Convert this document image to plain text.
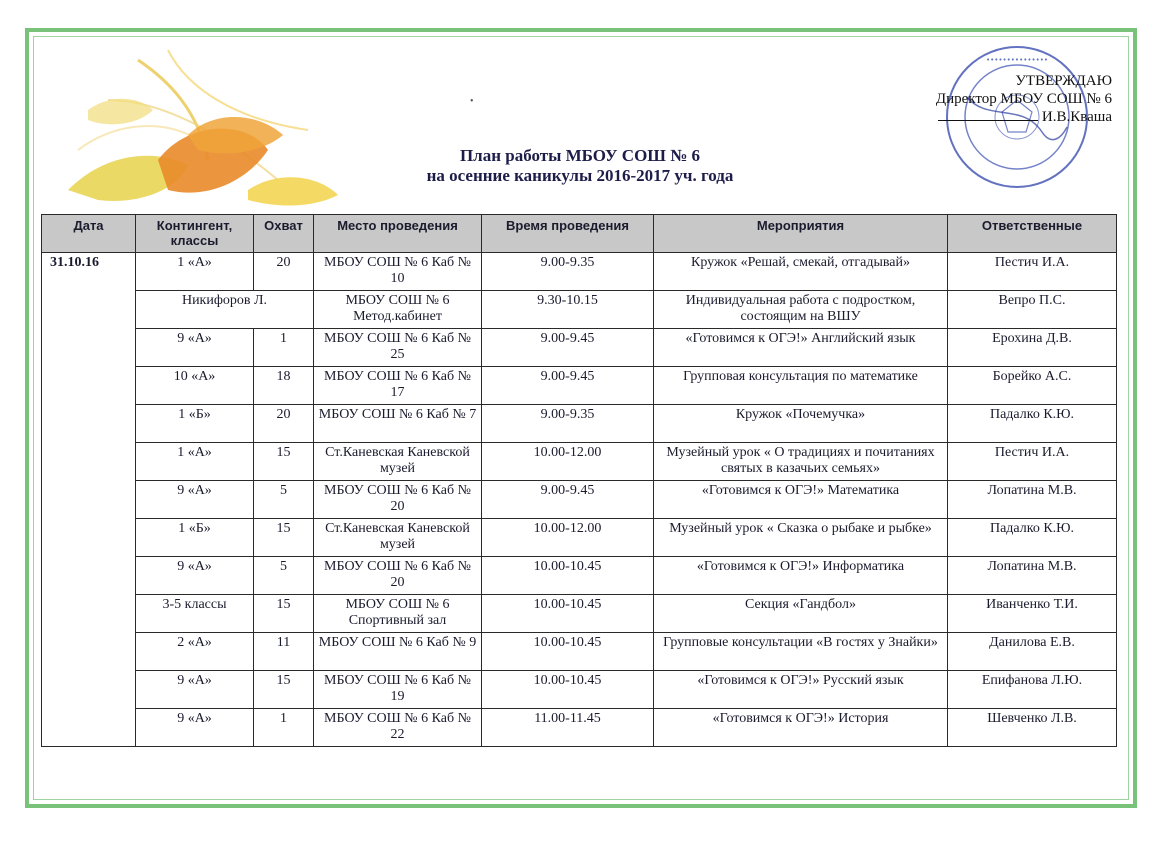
•
•••••••••••••••
УТВЕРЖДАЮ
Директор МБОУ СОШ № 6
И.В.Кваша
План работы МБОУ СОШ № 6
на осенние каникулы 2016-2017 уч. года
Дата	Контингент, классы	Охват	Место проведения	Время проведения	Мероприятия	Ответственные
31.10.16	1 «А»	20	МБОУ СОШ № 6 Каб № 10	9.00-9.35	Кружок «Решай, смекай, отгадывай»	Пестич И.А.
	Никифоров Л.		МБОУ СОШ № 6 Метод.кабинет	9.30-10.15	Индивидуальная работа с подростком, состоящим на ВШУ	Вепро П.С.
	9 «А»	1	МБОУ СОШ № 6 Каб № 25	9.00-9.45	«Готовимся к ОГЭ!» Английский язык	Ерохина Д.В.
	10 «А»	18	МБОУ СОШ № 6 Каб № 17	9.00-9.45	Групповая консультация по математике	Борейко А.С.
	1 «Б»	20	МБОУ СОШ № 6 Каб № 7	9.00-9.35	Кружок «Почемучка»	Падалко К.Ю.
	1 «А»	15	Ст.Каневская Каневской музей	10.00-12.00	Музейный урок « О традициях и почитаниях святых в казачьих семьях»	Пестич И.А.
	9 «А»	5	МБОУ СОШ № 6 Каб № 20	9.00-9.45	«Готовимся к ОГЭ!» Математика	Лопатина М.В.
	1 «Б»	15	Ст.Каневская Каневской музей	10.00-12.00	Музейный урок « Сказка о рыбаке и рыбке»	Падалко К.Ю.
	9 «А»	5	МБОУ СОШ № 6 Каб № 20	10.00-10.45	«Готовимся к ОГЭ!» Информатика	Лопатина М.В.
	3-5 классы	15	МБОУ СОШ № 6 Спортивный зал	10.00-10.45	Секция «Гандбол»	Иванченко Т.И.
	2 «А»	11	МБОУ СОШ № 6 Каб № 9	10.00-10.45	Групповые консультации «В гостях у Знайки»	Данилова Е.В.
	9 «А»	15	МБОУ СОШ № 6 Каб № 19	10.00-10.45	«Готовимся к ОГЭ!» Русский язык	Епифанова Л.Ю.
	9 «А»	1	МБОУ СОШ № 6 Каб № 22	11.00-11.45	«Готовимся к ОГЭ!» История	Шевченко Л.В.
